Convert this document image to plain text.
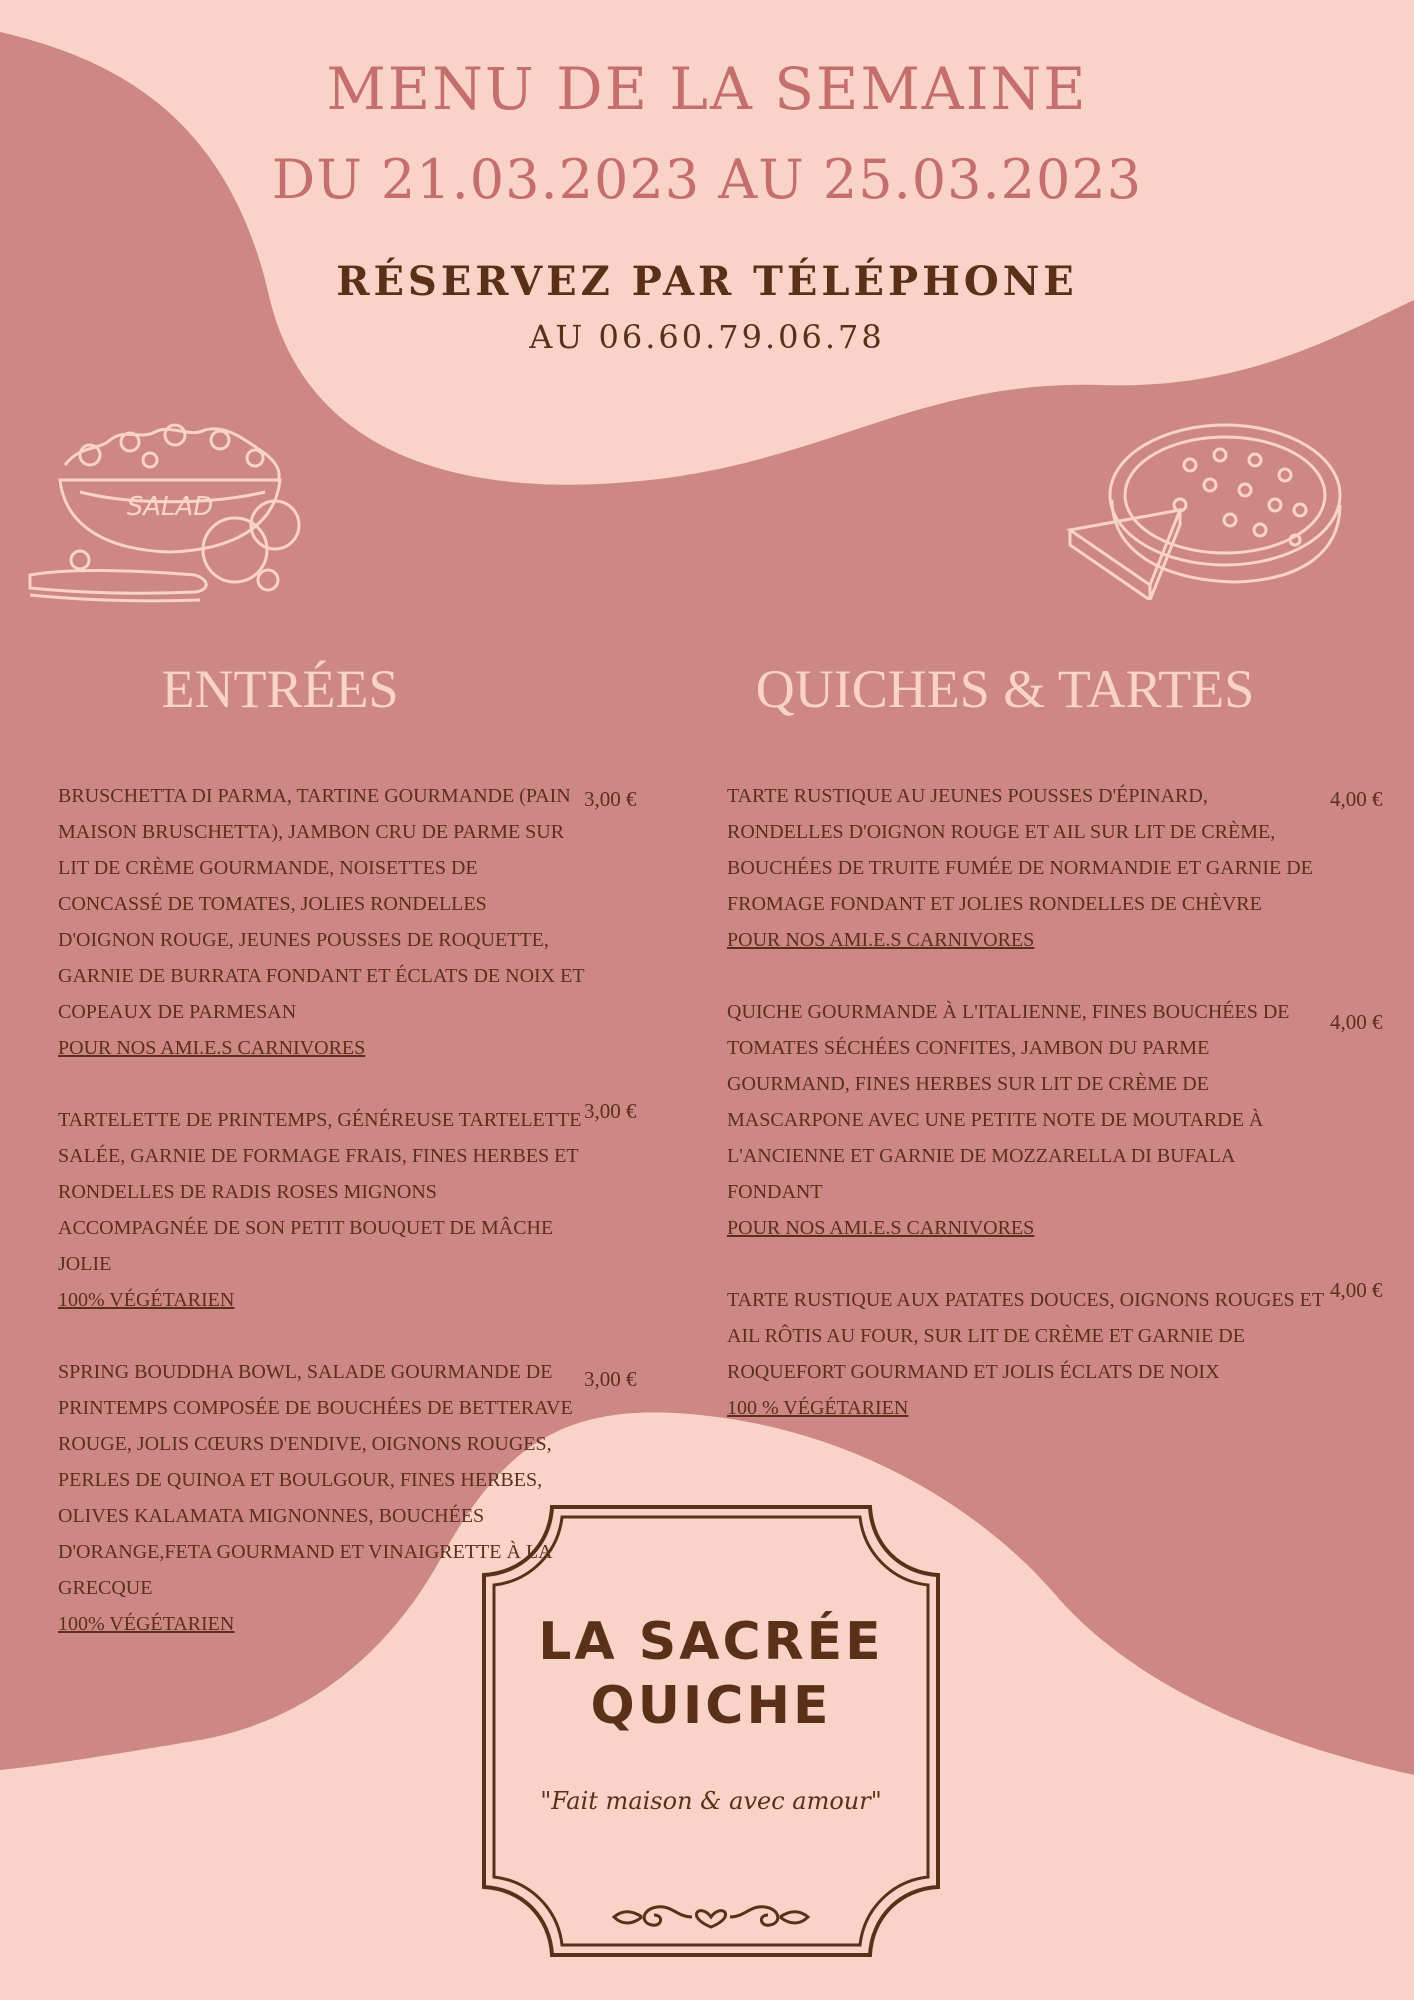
MENU DE LA SEMAINE
DU 21.03.2023 AU 25.03.2023
RÉSERVEZ PAR TÉLÉPHONE
AU 06.60.79.06.78
SALAD
ENTRÉES	QUICHES & TARTES
BRUSCHETTA DI PARMA, TARTINE GOURMANDE (PAIN MAISON BRUSCHETTA), JAMBON CRU DE PARME SUR LIT DE CRÈME GOURMANDE, NOISETTES DE CONCASSÉ DE TOMATES, JOLIES RONDELLES D'OIGNON ROUGE, JEUNES POUSSES DE ROQUETTE, GARNIE DE BURRATA FONDANT ET ÉCLATS DE NOIX ET COPEAUX DE PARMESAN
POUR NOS AMI.E.S CARNIVORES
3,00 €
TARTELETTE DE PRINTEMPS, GÉNÉREUSE TARTELETTE SALÉE, GARNIE DE FORMAGE FRAIS, FINES HERBES ET RONDELLES DE RADIS ROSES MIGNONS ACCOMPAGNÉE DE SON PETIT BOUQUET DE MÂCHE JOLIE
100% VÉGÉTARIEN
3,00 €
SPRING BOUDDHA BOWL, SALADE GOURMANDE DE PRINTEMPS COMPOSÉE DE BOUCHÉES DE BETTERAVE ROUGE, JOLIS CŒURS D'ENDIVE, OIGNONS ROUGES, PERLES DE QUINOA ET BOULGOUR, FINES HERBES, OLIVES KALAMATA MIGNONNES, BOUCHÉES D'ORANGE,FETA GOURMAND ET VINAIGRETTE À LA GRECQUE
100% VÉGÉTARIEN
3,00 €
TARTE RUSTIQUE AU JEUNES POUSSES D'ÉPINARD, RONDELLES D'OIGNON ROUGE ET AIL SUR LIT DE CRÈME, BOUCHÉES DE TRUITE FUMÉE DE NORMANDIE ET GARNIE DE FROMAGE FONDANT ET JOLIES RONDELLES DE CHÈVRE
POUR NOS AMI.E.S CARNIVORES
4,00 €
QUICHE GOURMANDE À L'ITALIENNE, FINES BOUCHÉES DE TOMATES SÉCHÉES CONFITES, JAMBON DU PARME GOURMAND, FINES HERBES SUR LIT DE CRÈME DE MASCARPONE AVEC UNE PETITE NOTE DE MOUTARDE À L'ANCIENNE ET GARNIE DE MOZZARELLA DI BUFALA FONDANT
POUR NOS AMI.E.S CARNIVORES
4,00 €
TARTE RUSTIQUE AUX PATATES DOUCES, OIGNONS ROUGES ET AIL RÔTIS AU FOUR, SUR LIT DE CRÈME ET GARNIE DE ROQUEFORT GOURMAND ET JOLIS ÉCLATS DE NOIX
100 % VÉGÉTARIEN
4,00 €
LA SACRÉE QUICHE
"Fait maison & avec amour"
